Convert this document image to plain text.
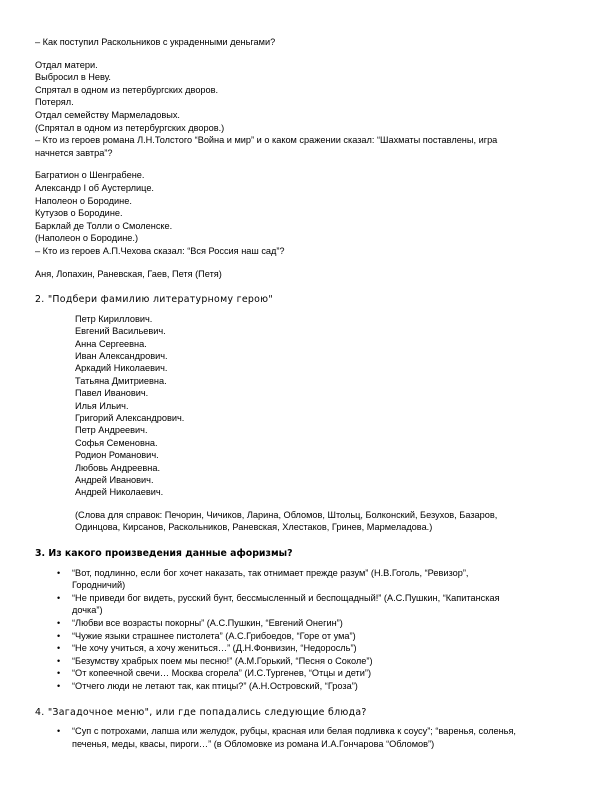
– Как поступил Раскольников с украденными деньгами?

Отдал матери.

Выбросил в Неву.

Спрятал в одном из петербургских дворов.

Потерял.

Отдал семейству Мармеладовых.

(Спрятал в одном из петербургских дворов.)

– Кто из героев романа Л.Н.Толстого “Война и мир” и о каком сражении сказал: “Шахматы поставлены, игра

начнется завтра”?

Багратион о Шенграбене.

Александр I об Аустерлице.

Наполеон о Бородине.

Кутузов о Бородине.

Барклай де Толли о Смоленске.

(Наполеон о Бородине.)

– Кто из героев А.П.Чехова сказал: “Вся Россия наш сад”?

Аня, Лопахин, Раневская, Гаев, Петя (Петя)

2. "Подбери фамилию литературному герою"

Петр Кириллович.

Евгений Васильевич.

Анна Сергеевна.

Иван Александрович.

Аркадий Николаевич.

Татьяна Дмитриевна.

Павел Иванович.

Илья Ильич.

Григорий Александрович.

Петр Андреевич.

Софья Семеновна.

Родион Романович.

Любовь Андреевна.

Андрей Иванович.

Андрей Николаевич.

(Слова для справок: Печорин, Чичиков, Ларина, Обломов, Штольц, Болконский, Безухов, Базаров,

Одинцова, Кирсанов, Раскольников, Раневская, Хлестаков, Гринев, Мармеладова.)

3. Из какого произведения данные афоризмы?

• “Вот, подлинно, если бог хочет наказать, так отнимает прежде разум” (Н.В.Гоголь, “Ревизор”,
Городничий)
• “Не приведи бог видеть, русский бунт, бессмысленный и беспощадный!” (А.С.Пушкин, “Капитанская
дочка”)
• “Любви все возрасты покорны” (А.С.Пушкин, “Евгений Онегин”)
• “Чужие языки страшнее пистолета” (А.С.Грибоедов, “Горе от ума”)
• “Не хочу учиться, а хочу жениться…” (Д.Н.Фонвизин, “Недоросль”)
• “Безумству храбрых поем мы песню!” (А.М.Горький, “Песня о Соколе”)
• “От копеечной свечи… Москва сгорела” (И.С.Тургенев, “Отцы и дети”)
• “Отчего люди не летают так, как птицы?” (А.Н.Островский, “Гроза”)

4. "Загадочное меню", или где попадались следующие блюда?

• “Суп с потрохами, лапша или желудок, рубцы, красная или белая подливка к соусу”; “варенья, соленья,
печенья, меды, квасы, пироги…” (в Обломовке из романа И.А.Гончарова “Обломов”)
